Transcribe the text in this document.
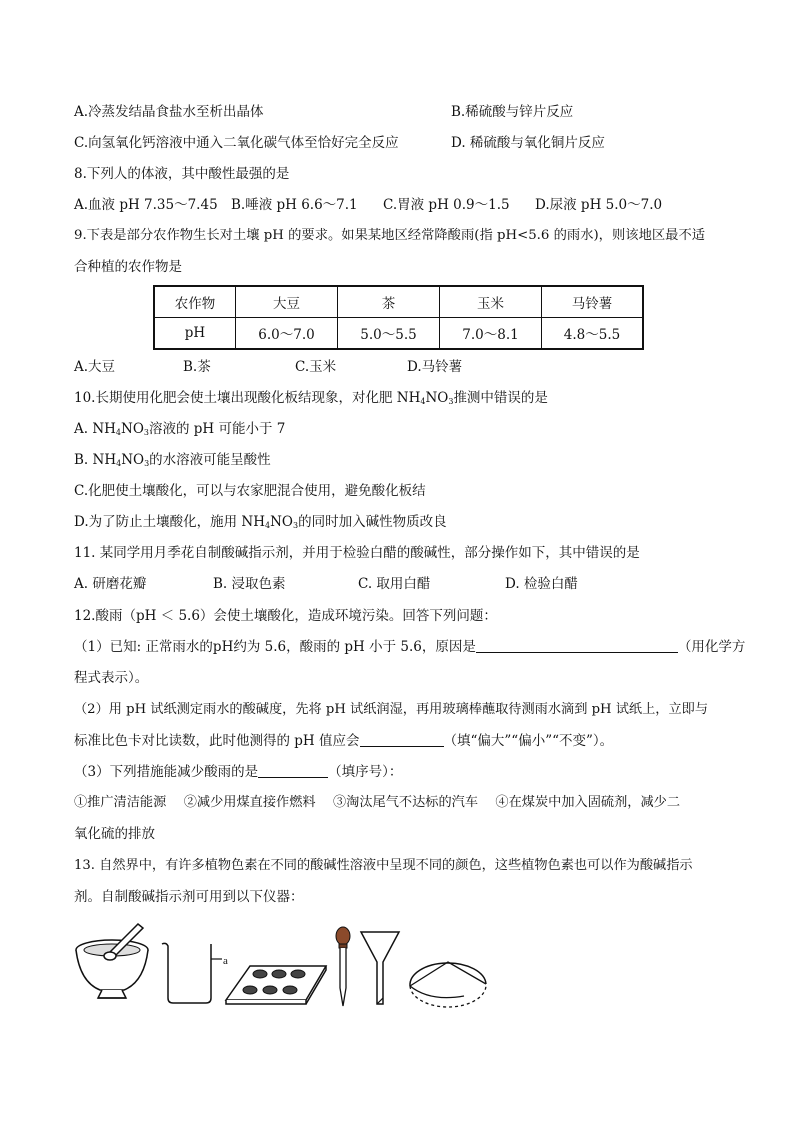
A.冷蒸发结晶食盐水至析出晶体	B.稀硫酸与锌片反应
C.向氢氧化钙溶液中通入二氧化碳气体至恰好完全反应	D. 稀硫酸与氧化铜片反应
8.下列人的体液，其中酸性最强的是
A.血液 pH 7.35～7.45 B.唾液 pH 6.6～7.1 C.胃液 pH 0.9～1.5 D.尿液 pH 5.0～7.0
9.下表是部分农作物生长对土壤 pH 的要求。如果某地区经常降酸雨(指 pH<5.6 的雨水)，则该地区最不适
合种植的农作物是
农作物	大豆	茶	玉米	马铃薯
pH	6.0～7.0	5.0～5.5	7.0～8.1	4.8～5.5
A.大豆	B.茶	C.玉米	D.马铃薯
10.长期使用化肥会使土壤出现酸化板结现象，对化肥 $NH_4NO_3$推测中错误的是
A. $NH_4NO_3$溶液的 pH 可能小于 7
B. $NH_4NO_3$的水溶液可能呈酸性
C.化肥使土壤酸化，可以与农家肥混合使用，避免酸化板结
D.为了防止土壤酸化，施用 $NH_4NO_3$的同时加入碱性物质改良
11. 某同学用月季花自制酸碱指示剂，并用于检验白醋的酸碱性，部分操作如下，其中错误的是
A. 研磨花瓣	B. 浸取色素	C. 取用白醋	D. 检验白醋
12.酸雨（pH ＜ 5.6）会使土壤酸化，造成环境污染。回答下列问题：
（1）已知: 正常雨水的pH约为 5.6，酸雨的 pH 小于 5.6，原因是	（用化学方
程式表示）。
（2）用 pH 试纸测定雨水的酸碱度，先将 pH 试纸润湿，再用玻璃棒蘸取待测雨水滴到 pH 试纸上，立即与
标准比色卡对比读数，此时他测得的 pH 值应会	（填“偏大”“偏小”“不变”）。
（3）下列措施能减少酸雨的是	（填序号）：
①推广清洁能源　 ②减少用煤直接作燃料　 ③淘汰尾气不达标的汽车　 ④在煤炭中加入固硫剂，减少二
氧化硫的排放
13. 自然界中，有许多植物色素在不同的酸碱性溶液中呈现不同的颜色，这些植物色素也可以作为酸碱指示
剂。自制酸碱指示剂可用到以下仪器：
a
